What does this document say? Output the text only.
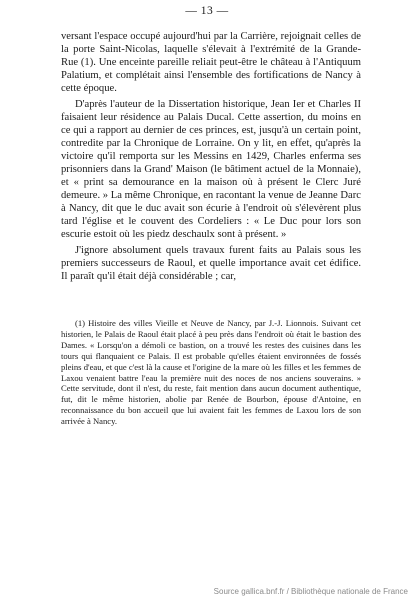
— 13 —

versant l'espace occupé aujourd'hui par la Carrière, rejoignait celles de la porte Saint-Nicolas, laquelle s'élevait à l'extrémité de la Grande-Rue (1). Une enceinte pareille reliait peut-être le château à l'Antiquum Palatium, et complétait ainsi l'ensemble des fortifications de Nancy à cette époque.

D'après l'auteur de la Dissertation historique, Jean Ier et Charles II faisaient leur résidence au Palais Ducal. Cette assertion, du moins en ce qui a rapport au dernier de ces princes, est, jusqu'à un certain point, contredite par la Chronique de Lorraine. On y lit, en effet, qu'après la victoire qu'il remporta sur les Messins en 1429, Charles enferma ses prisonniers dans la Grand' Maison (le bâtiment actuel de la Monnaie), et « print sa demourance en la maison où à présent le Clerc Juré demeure. » La même Chronique, en racontant la venue de Jeanne Darc à Nancy, dit que le duc avait son écurie à l'endroit où s'élevèrent plus tard l'église et le couvent des Cordeliers : « Le Duc pour lors son escurie estoit où les piedz deschaulx sont à présent. »

J'ignore absolument quels travaux furent faits au Palais sous les premiers successeurs de Raoul, et quelle importance avait cet édifice. Il paraît qu'il était déjà considérable ; car,

(1) Histoire des villes Vieille et Neuve de Nancy, par J.-J. Lionnois. Suivant cet historien, le Palais de Raoul était placé à peu près dans l'endroit où était le bastion des Dames. « Lorsqu'on a démoli ce bastion, on a trouvé les restes des cuisines dans les tours qui flanquaient ce Palais. Il est probable qu'elles étaient environnées de fossés pleins d'eau, et que c'est là la cause et l'origine de la mare où les filles et les femmes de Laxou venaient battre l'eau la première nuit des noces de nos anciens souverains. » Cette servitude, dont il n'est, du reste, fait mention dans aucun document authentique, fut, dit le même historien, abolie par Renée de Bourbon, épouse d'Antoine, en reconnaissance du bon accueil que lui avaient fait les femmes de Laxou lors de son arrivée à Nancy.

Source gallica.bnf.fr / Bibliothèque nationale de France
